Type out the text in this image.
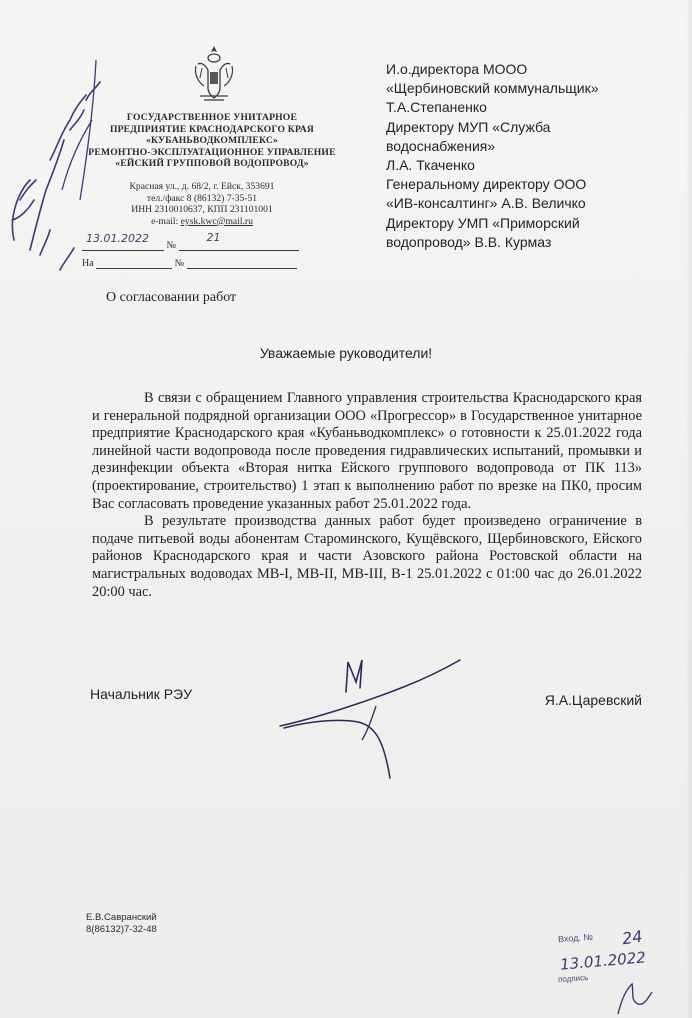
ГОСУДАРСТВЕННОЕ УНИТАРНОЕ
ПРЕДПРИЯТИЕ КРАСНОДАРСКОГО КРАЯ
«КУБАНЬВОДКОМПЛЕКС»
РЕМОНТНО-ЭКСПЛУАТАЦИОННОЕ УПРАВЛЕНИЕ
«ЕЙСКИЙ ГРУППОВОЙ ВОДОПРОВОД»
Красная ул., д. 68/2, г. Ейск, 353691
тел./факс 8 (86132) 7-35-51
ИНН 2310010637, КПП 231101001
e-mail: eysk.kwc@mail.ru
13.01.2022
№
21
На	№
И.о.директора МООО
«Щербиновский коммунальщик»
Т.А.Степаненко
Директору МУП «Служба
водоснабжения»
Л.А. Ткаченко
Генеральному директору ООО
«ИВ-консалтинг» А.В. Величко
Директору УМП «Приморский
водопровод» В.В. Курмаз
О согласовании работ
Уважаемые руководители!

В связи с обращением Главного управления строительства Краснодарского края и генеральной подрядной организации ООО «Прогрессор» в Государственное унитарное предприятие Краснодарского края «Кубаньводкомплекс» о готовности к 25.01.2022 года линейной части водопровода после проведения гидравлических испытаний, промывки и дезинфекции объекта «Вторая нитка Ейского группового водопровода от ПК 113» (проектирование, строительство) 1 этап к выполнению работ по врезке на ПК0, просим Вас согласовать проведение указанных работ 25.01.2022 года.

В результате производства данных работ будет произведено ограничение в подаче питьевой воды абонентам Староминского, Кущёвского, Щербиновского, Ейского районов Краснодарского края и части Азовского района Ростовской области на магистральных водоводах МВ-I, МВ-II, МВ-III, В-1 25.01.2022 с 01:00 час до 26.01.2022 20:00 час.

Начальник РЭУ	Я.А.Царевский
Е.В.Савранский
8(86132)7-32-48
Вход. № 24
13.01.2022
подпись
